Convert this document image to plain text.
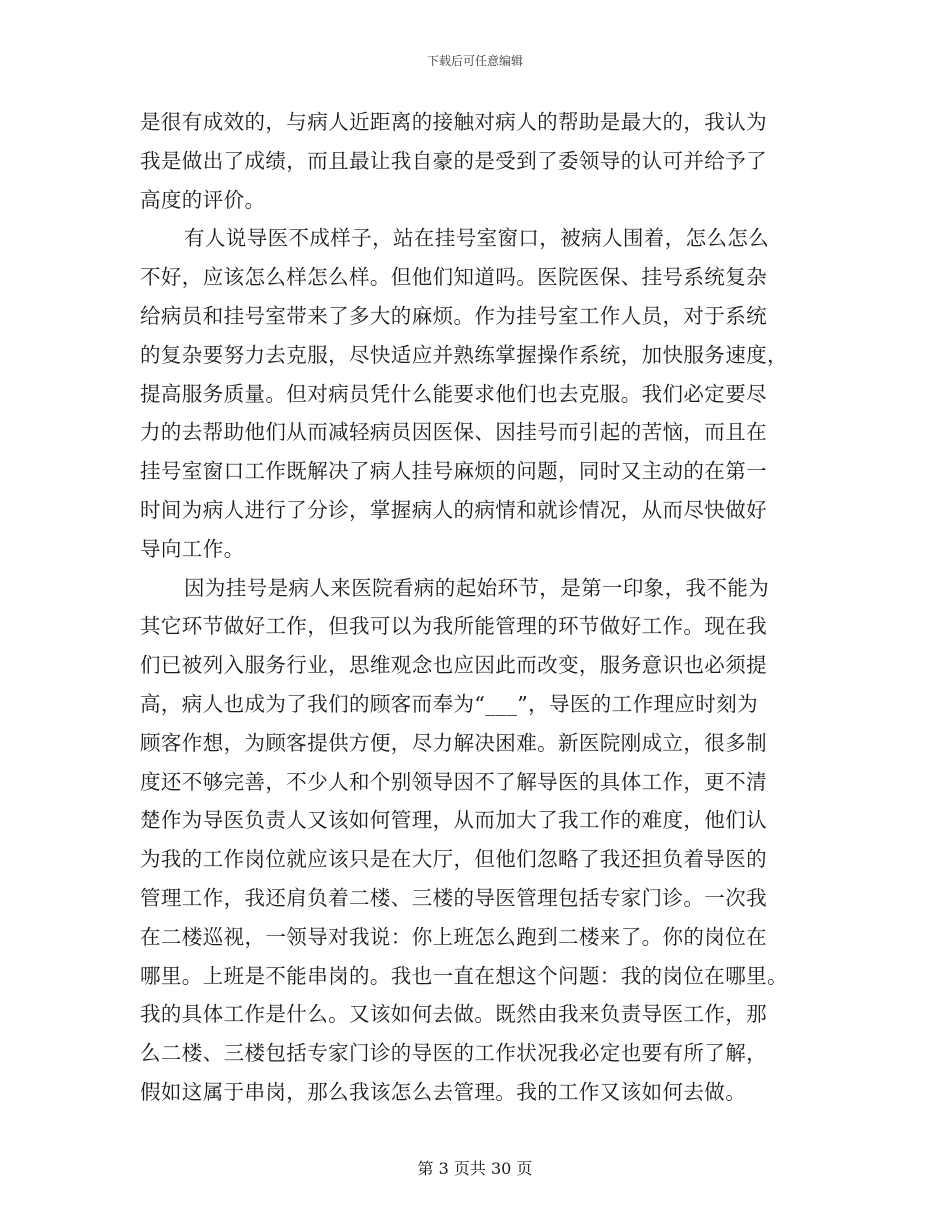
下载后可任意编辑
是很有成效的，与病人近距离的接触对病人的帮助是最大的，我认为
我是做出了成绩，而且最让我自豪的是受到了委领导的认可并给予了
高度的评价。
有人说导医不成样子，站在挂号室窗口，被病人围着，怎么怎么
不好，应该怎么样怎么样。但他们知道吗。医院医保、挂号系统复杂
给病员和挂号室带来了多大的麻烦。作为挂号室工作人员，对于系统
的复杂要努力去克服，尽快适应并熟练掌握操作系统，加快服务速度，
提高服务质量。但对病员凭什么能要求他们也去克服。我们必定要尽
力的去帮助他们从而减轻病员因医保、因挂号而引起的苦恼，而且在
挂号室窗口工作既解决了病人挂号麻烦的问题，同时又主动的在第一
时间为病人进行了分诊，掌握病人的病情和就诊情况，从而尽快做好
导向工作。
因为挂号是病人来医院看病的起始环节，是第一印象，我不能为
其它环节做好工作，但我可以为我所能管理的环节做好工作。现在我
们已被列入服务行业，思维观念也应因此而改变，服务意识也必须提
高，病人也成为了我们的顾客而奉为“___”，导医的工作理应时刻为
顾客作想，为顾客提供方便，尽力解决困难。新医院刚成立，很多制
度还不够完善，不少人和个别领导因不了解导医的具体工作，更不清
楚作为导医负责人又该如何管理，从而加大了我工作的难度，他们认
为我的工作岗位就应该只是在大厅，但他们忽略了我还担负着导医的
管理工作，我还肩负着二楼、三楼的导医管理包括专家门诊。一次我
在二楼巡视，一领导对我说：你上班怎么跑到二楼来了。你的岗位在
哪里。上班是不能串岗的。我也一直在想这个问题：我的岗位在哪里。
我的具体工作是什么。又该如何去做。既然由我来负责导医工作，那
么二楼、三楼包括专家门诊的导医的工作状况我必定也要有所了解，
假如这属于串岗，那么我该怎么去管理。我的工作又该如何去做。
第 3 页共 30 页
